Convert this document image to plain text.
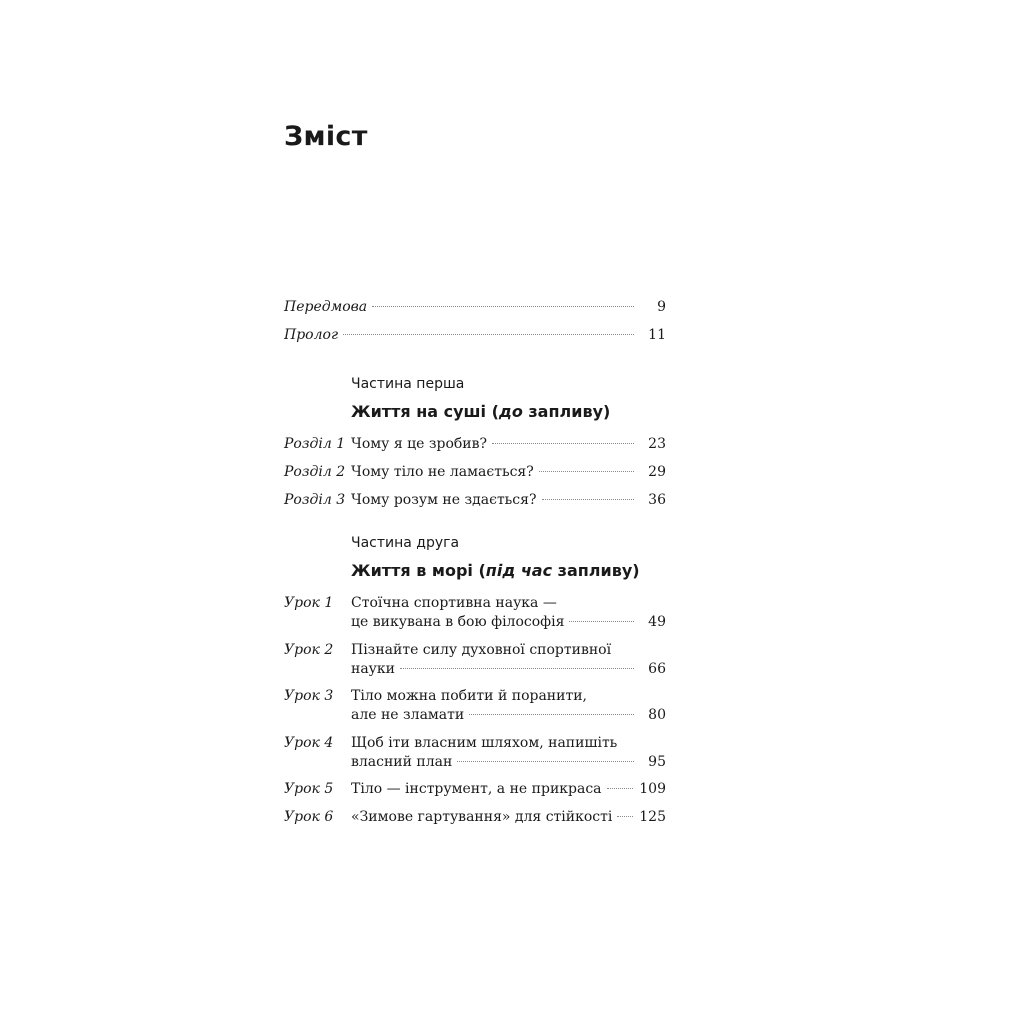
Зміст
Передмова	9
Пролог	11
Частина перша
Життя на суші (до запливу)
Розділ 1 Чому я це зробив?	23
Розділ 2 Чому тіло не ламається?	29
Розділ 3 Чому розум не здається?	36
Частина друга
Життя в морі (під час запливу)
Урок 1 Стоїчна спортивна наука —
це викувана в бою філософія	49
Урок 2 Пізнайте силу духовної спортивної
науки	66
Урок 3 Тіло можна побити й поранити,
але не зламати	80
Урок 4 Щоб іти власним шляхом, напишіть
власний план	95
Урок 5 Тіло — інструмент, а не прикраса	109
Урок 6 «Зимове гартування» для стійкості 125
